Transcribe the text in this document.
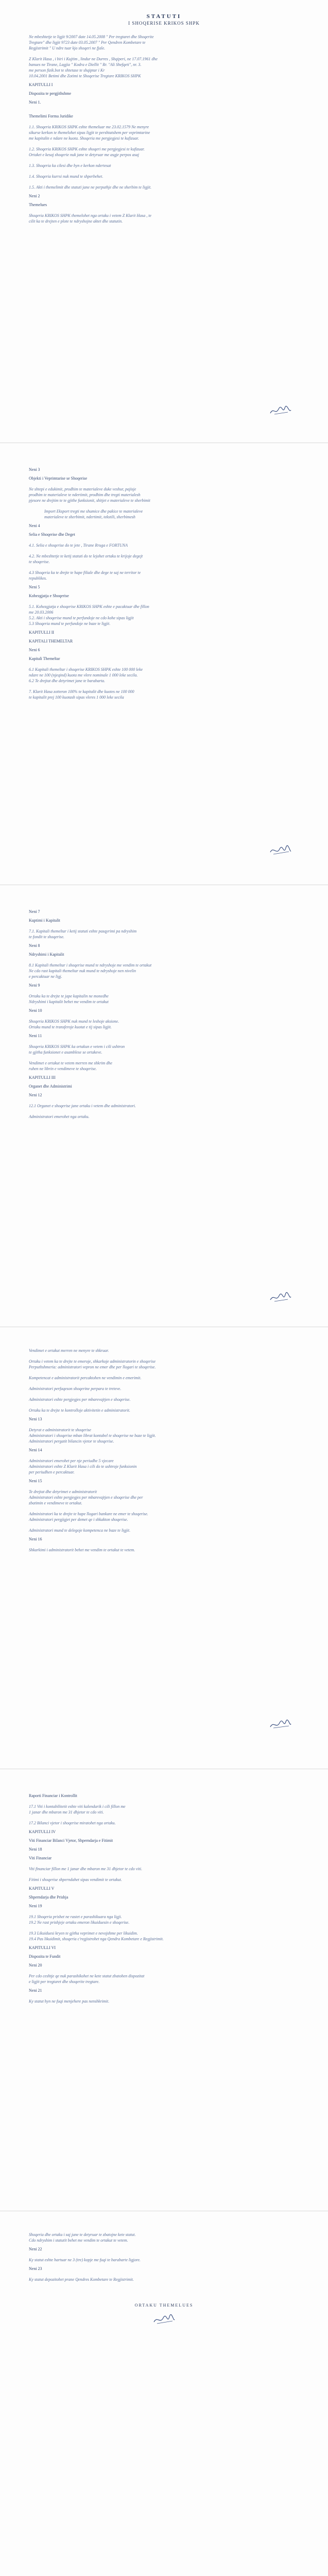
STATUTI
I SHOQERISE KRIKOS SHPK
Ne mbeshtetje te ligjit 9/2007 date 14.05.2008 " Per tregtaret dhe Shoqerite
Tregtare" dhe ligjit 9723 date 03.05.2007 " Per Qendren Kombetare te
Regjistrimit " U ndre tuar kjo shoqeri ne fjale.
Z Klarit Hasa , i biri i Kujtim , lindur ne Durres , Shqiperi, ne 17.07.1961 dhe
banues ne Tirane, Lagjia " Kodra e Diellit " Rr. "Ali Shefqeti", nr. 3.
me person fizik.bot te shtetase te shqiptar i Kr
10.04.2001 Betimi dhe Zotimi te Shoqerise Tregtare KRIKOS SHPK
KAPITULLI I
Dispozita te pergjithshme
Neni 1.
Themelimi Forma Juridike
1.1. Shoqeria KRIKOS SHPK eshte themeluar me 23.02.1579 Ne menyre
sikurse kerkon te themelohet sipas ligjit te pershtatshem per veprimtarine
me kapitalin e ndare ne kuota. Shoqeria me pergjegjesi te kufizuar.
1.2. Shoqeria KRIKOS SHPK eshte shoqeri me pergjegjesi te kufizuar.
Ortaket e kesaj shoqerie nuk jane te detyruar me asgje perpos asaj
1.3. Shoqeria ka cilesi dhe hyn e kerkon ndertesat
1.4. Shoqeria kurrsi nuk mund te shperbehet.
1.5. Akti i themelimit dhe statuti jane ne perputhje dhe ne sherbim te ligjit.
Neni 2
Themelues
Shoqeria KRIKOS SHPK themelohet nga ortaku i vetem Z Klarit Hasa , te
cilit ka te drejten e plote te ndryshojne aktet dhe statutin.
Neni 3
Objekti i Veprimtarise se Shoqerise
Ne shtepi e edukimit, prodhim te materialeve duke veshur, pajisje
prodhim te materialeve te ndertimit, prodhim dhe tregti materialesh
pjesore ne drejtim te te gjithe funksionit, shitjet e materialeve te sherbimit
Import Eksport tregti me shumice dhe pakice te materialeve
materialeve te sherbimit, ndertimit, tekstili, sherbimesh
Neni 4
Selia e Shoqerise dhe Deget
4.1. Selia e shoqerise do te jete , Tirane Rruga e FORTUNA
4.2. Ne mbeshtetje te ketij statuti do te lejohet ortaku te krijoje degejt
te shoqerise.
4.3 Shoqeria ka te drejte te hape filiale dhe dege te saj ne territor te
republikes.
Neni 5
Kohezgjatja e Shoqerise
5.1. Kohezgjatja e shoqerise KRIKOS SHPK eshte e pacaktuar dhe fillon
me 20.03.2006
5.2. Akti i shoqerise mund te perfundoje ne cdo kohe sipas ligjit
5.3 Shoqeria mund te perfundoje ne baze te ligjit.
KAPITULLI II
KAPITALI THEMELTAR
Neni 6
Kapitali Themeltar
6.1 Kapitali themeltar i shoqerise KRIKOS SHPK eshte 100 000 leke
ndare ne 100 (njeqind) kuota me vlere nominale 1 000 leke secila.
6.2 Te drejtat dhe detyrimet jane te barabarta.
7. Klarit Hasa zotteron 100% te kapitalit dhe kuotes ne 100 000
te kapitalit prej 100 kuotash sipas vleres 1 000 leke secila
Neni 7
Kuptimi i Kapitalit
7.1. Kapitali themeltar i ketij statuti eshte pasqyrimi pa ndryshim
te fondit te shoqerise.
Neni 8
Ndryshimi i Kapitalit
8.1 Kapitali themeltar i shoqerise mund te ndryshoje me vendim te ortakut
Ne cdo rast kapitali themeltar nuk mund te ndryshoje nen nivelin
e percaktuar ne ligj.
Neni 9
Ortaku ka te drejte te jape kapitalin ne monedhe
Ndryshimi i kapitalit behet me vendim te ortakut
Neni 10
Shoqeria KRIKOS SHPK nuk mund te leshoje aksione.
Ortaku mund te transferoje kuotat e tij sipas ligjit.
Neni 11
Shoqeria KRIKOS SHPK ka ortakun e vetem i cili ushtron
te gjitha funksionet e asamblese se ortakeve.
Vendimet e ortakut te vetem merren me shkrim dhe
ruhen ne librin e vendimeve te shoqerise.
KAPITULLI III
Organet dhe Administrimi
Neni 12
12.1 Organet e shoqerise jane ortaku i vetem dhe administratori.
Administratori emerohet nga ortaku.
Vendimet e ortakut merren ne menyre te shkruar.
Ortaku i vetem ka te drejte te emeroje, shkarkoje administratorin e shoqerise
Perputhshmeria: administratori vepron ne emer dhe per llogari te shoqerise.
Kompetencat e administratorit percaktohen ne vendimin e emerimit.
Administratori perfaqeson shoqerine perpara te treteve.
Administratori eshte pergjegjes per mbarevajtjen e shoqerise.
Ortaku ka te drejte te kontrolloje aktivitetin e administratorit.
Neni 13
Detyrat e administratorit te shoqerise
Administratori i shoqerise mban librat kontabel te shoqerise ne baze te ligjit.
Administratori pergatit bilancin vjetor te shoqerise.
Neni 14
Administratori emerohet per nje periudhe 5 vjecare
Administratori eshte Z Klarit Hasa i cili do te ushtroje funksionin
per periudhen e percaktuar.
Neni 15
Te drejtat dhe detyrimet e administratorit
Administratori eshte pergjegjes per mbarevajtjen e shoqerise dhe per
zbatimin e vendimeve te ortakut.
Administratori ka te drejte te hape llogari bankare ne emer te shoqerise.
Administratori pergjigjet per demet qe i shkakton shoqerise.
Administratori mund te delegoje kompetenca ne baze te ligjit.
Neni 16
Shkarkimi i administratorit behet me vendim te ortakut te vetem.
Raporti Financiar i Kontrollit
17.1 Viti i kontabilitetit eshte viti kalendarik i cili fillon me
1 janar dhe mbaron me 31 dhjetor te cdo viti.
17.2 Bilanci vjetor i shoqerise miratohet nga ortaku.
KAPITULLI IV
Viti Financiar Bilanci Vjetor, Shperndarja e Fitimit
Neni 18
Viti Financiar
Viti financiar fillon me 1 janar dhe mbaron me 31 dhjetor te cdo viti.
Fitimi i shoqerise shperndahet sipas vendimit te ortakut.
KAPITULLI V
Shperndarja dhe Prishja
Neni 19
19.1 Shoqeria prishet ne rastet e parashikuara nga ligji.
19.2 Ne rast prishjeje ortaku emeron likuiduesin e shoqerise.
19.3 Likuiduesi kryen te gjitha veprimet e nevojshme per likuidim.
19.4 Pas likuidimit, shoqeria c'regjistrohet nga Qendra Kombetare e Regjistrimit.
KAPITULLI VI
Dispozita te Fundit
Neni 20
Per cdo ceshtje qe nuk parashikohet ne kete statut zbatohen dispozitat
e ligjit per tregtaret dhe shoqerite tregtare.
Neni 21
Ky statut hyn ne fuqi menjehere pas nenshkrimit.
Shoqeria dhe ortaku i saj jane te detyruar te zbatojne kete statut.
Cdo ndryshim i statutit behet me vendim te ortakut te vetem.
Neni 22
Ky statut eshte hartuar ne 3 (tre) kopje me fuqi te barabarte ligjore.
Neni 23
Ky statut depozitohet prane Qendres Kombetare te Regjistrimit.
ORTAKU THEMELUES
